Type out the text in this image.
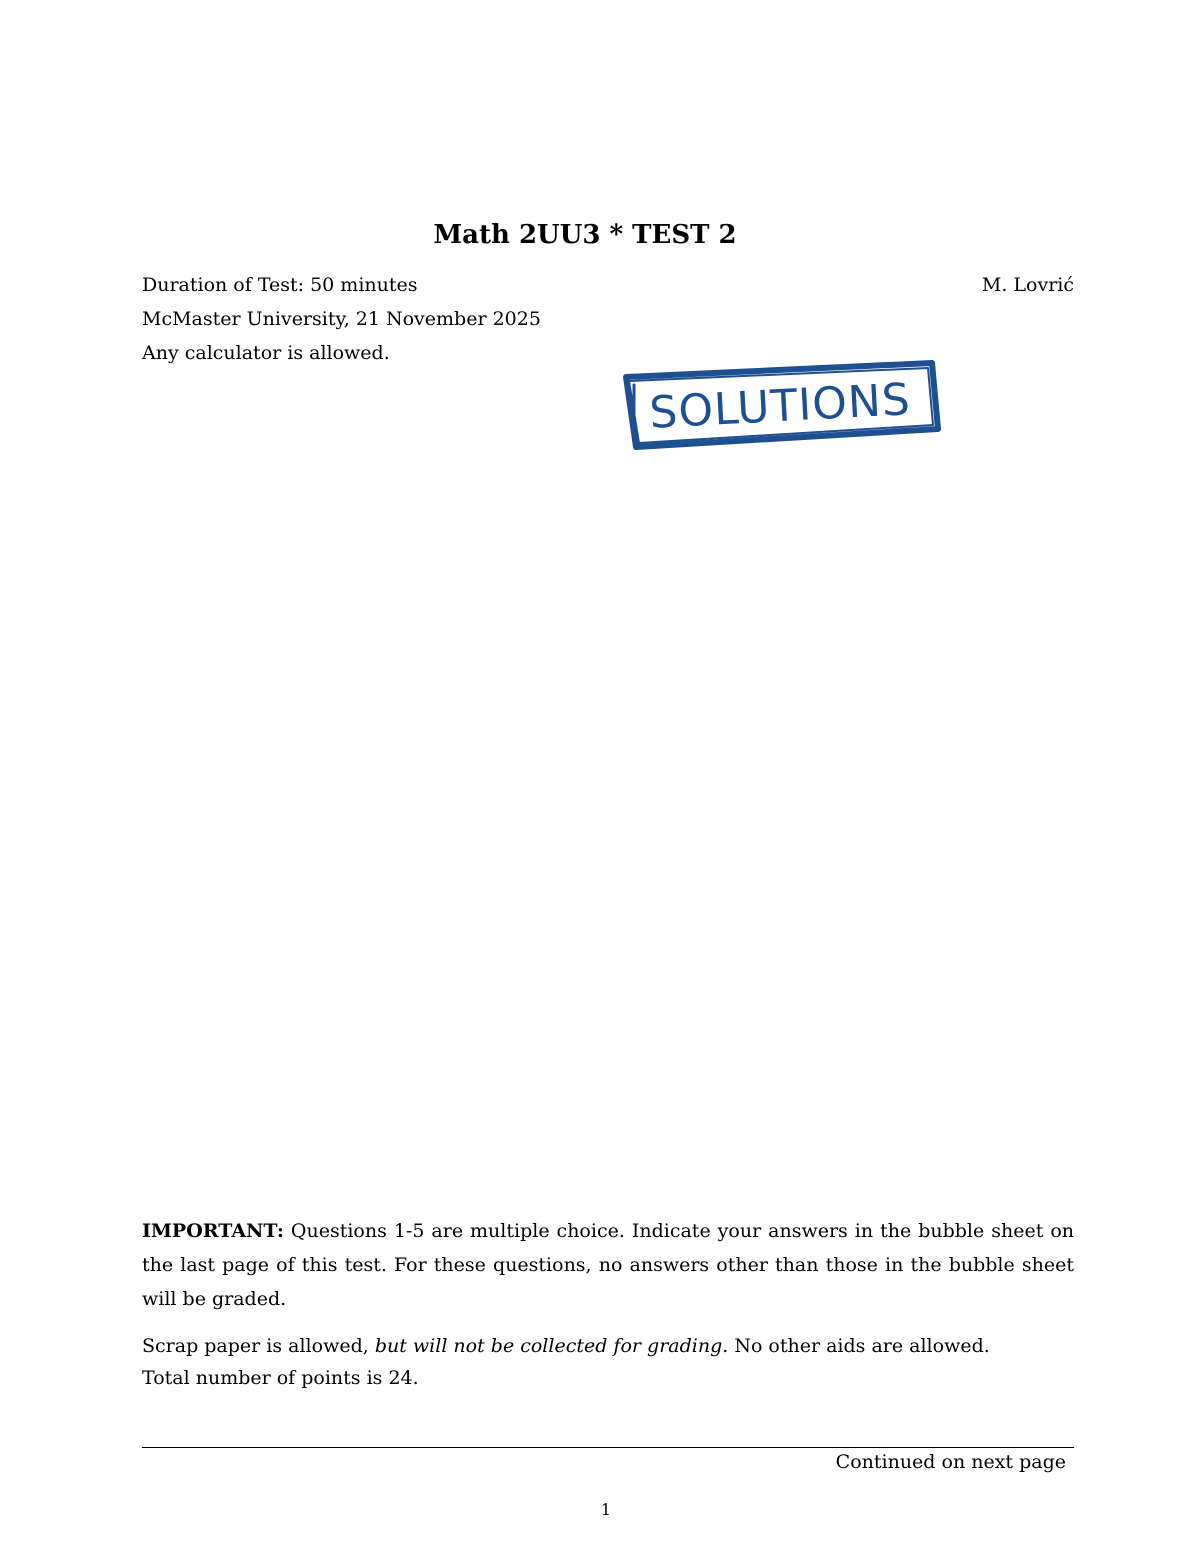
Math 2UU3 * TEST 2
Duration of Test: 50 minutes	M. Lovrić
McMaster University, 21 November 2025
Any calculator is allowed.
SOLUTIONS
IMPORTANT: Questions 1-5 are multiple choice. Indicate your answers in the bubble sheet on the last page of this test. For these questions, no answers other than those in the bubble sheet will be graded.
Scrap paper is allowed, but will not be collected for grading. No other aids are allowed.
Total number of points is 24.
Continued on next page
1
